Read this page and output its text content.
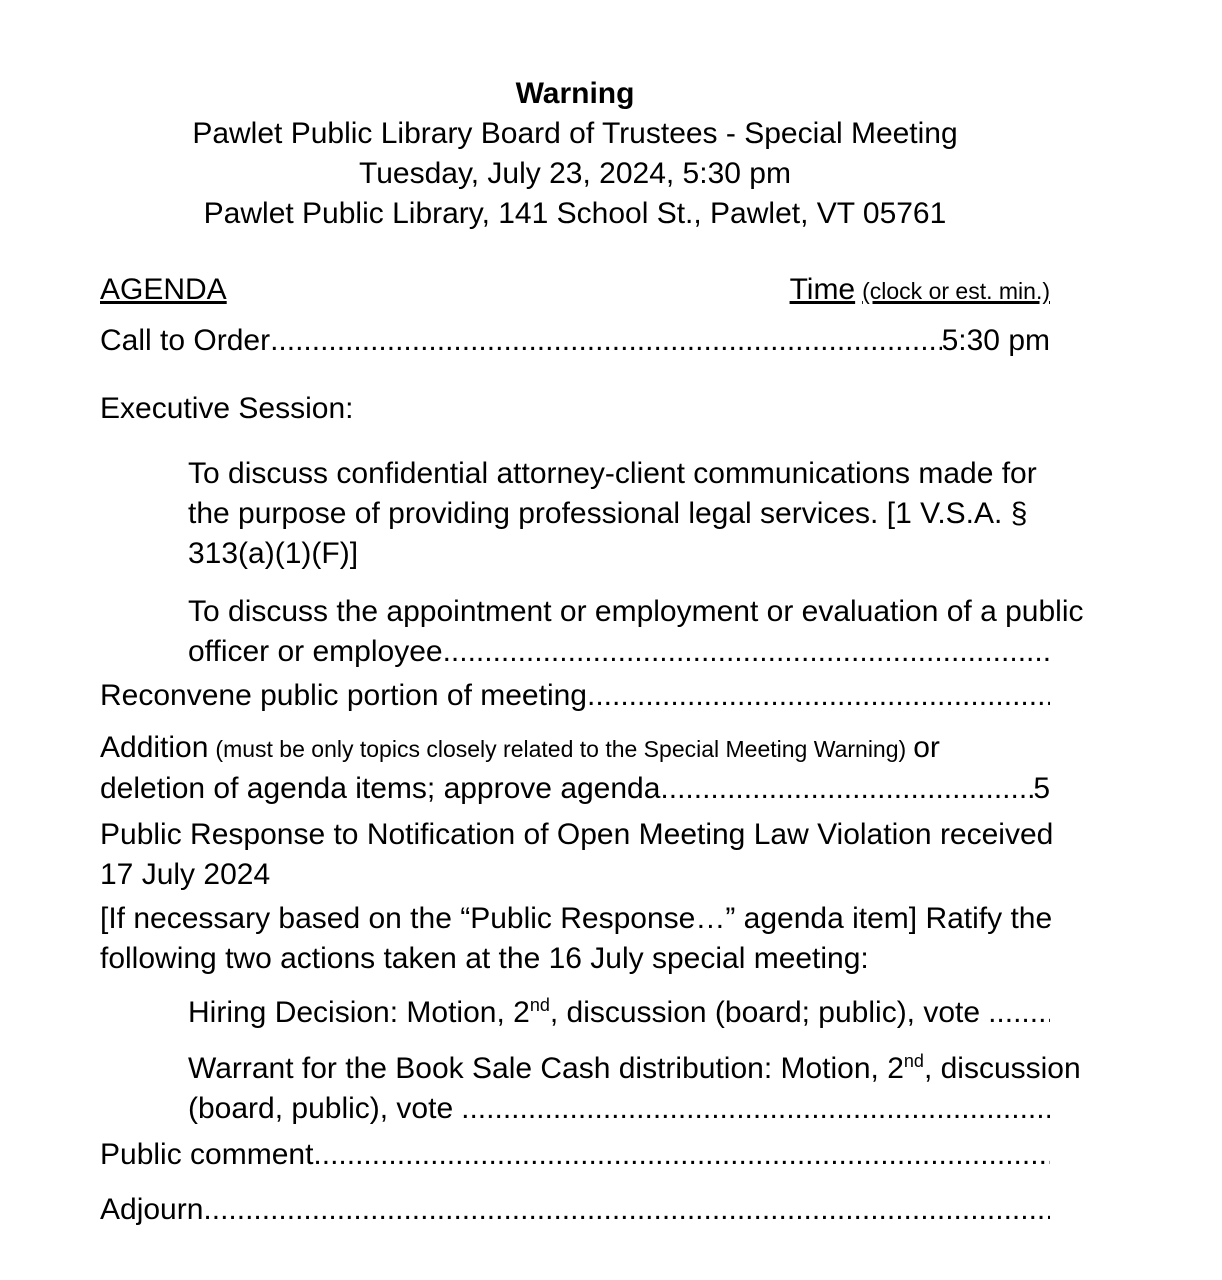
Warning
Pawlet Public Library Board of Trustees - Special Meeting
Tuesday, July 23, 2024, 5:30 pm
Pawlet Public Library, 141 School St., Pawlet, VT 05761
AGENDA	Time (clock or est. min.)
Call to Order .....	5:30 pm
Executive Session:
To discuss confidential attorney-client communications made for
the purpose of providing professional legal services. [1 V.S.A. §
313(a)(1)(F)]
To discuss the appointment or employment or evaluation of a public
officer or employee
.....
Reconvene public portion of meeting
.....
Addition (must be only topics closely related to the Special Meeting Warning) or
deletion of agenda items; approve agenda .....	5
Public Response to Notification of Open Meeting Law Violation received
17 July 2024
[If necessary based on the “Public Response…” agenda item] Ratify the
following two actions taken at the 16 July special meeting:
Hiring Decision: Motion, 2nd, discussion (board; public), vote
.....
Warrant for the Book Sale Cash distribution: Motion, 2nd, discussion
(board, public), vote
.....
Public comment
.....
Adjourn
.....
